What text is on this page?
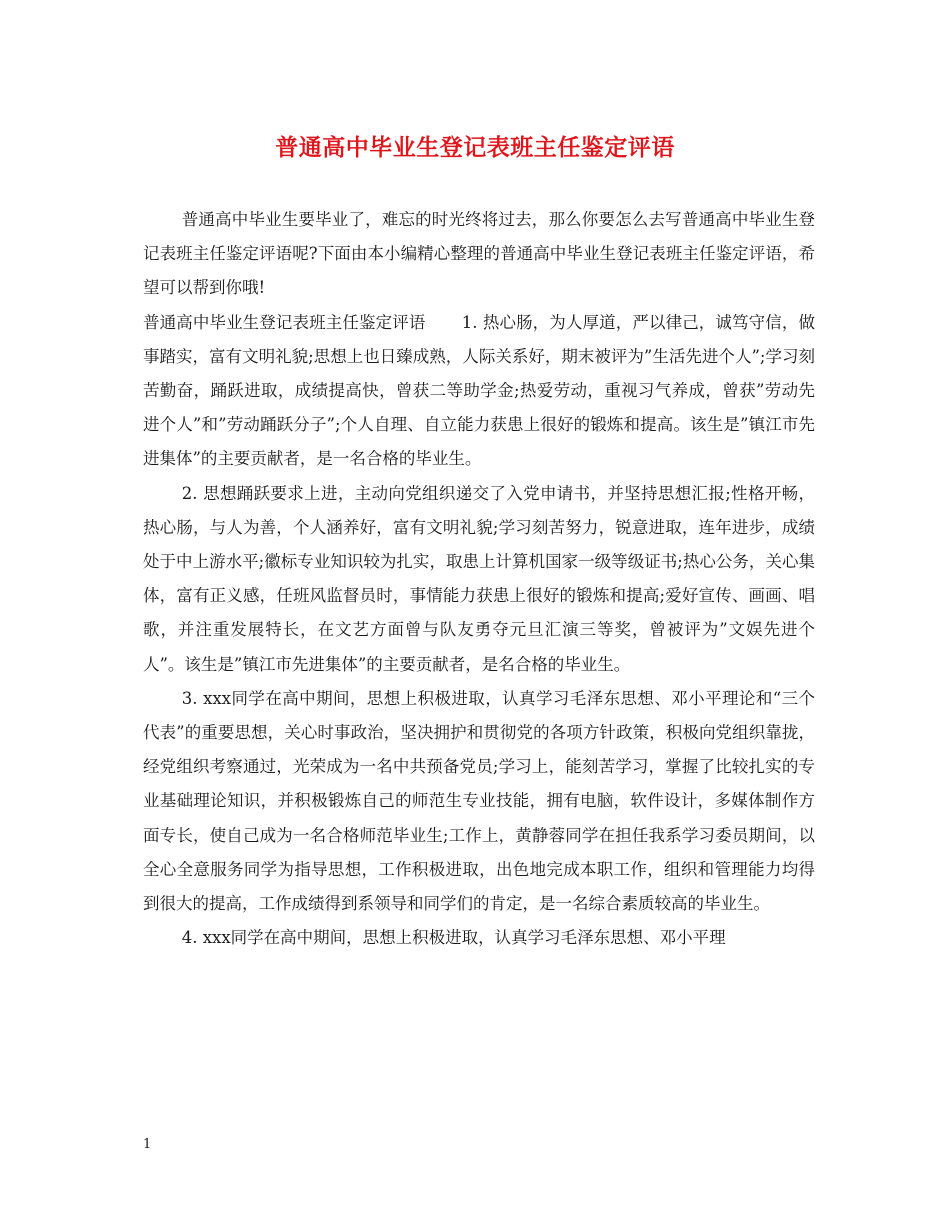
普通高中毕业生登记表班主任鉴定评语

普通高中毕业生要毕业了，难忘的时光终将过去，那么你要怎么去写普通高中毕业生登记表班主任鉴定评语呢?下面由本小编精心整理的普通高中毕业生登记表班主任鉴定评语，希望可以帮到你哦!

普通高中毕业生登记表班主任鉴定评语 1. 热心肠，为人厚道，严以律己，诚笃守信，做事踏实，富有文明礼貌;思想上也日臻成熟，人际关系好，期末被评为”生活先进个人”;学习刻苦勤奋，踊跃进取，成绩提高快，曾获二等助学金;热爱劳动，重视习气养成，曾获”劳动先进个人”和”劳动踊跃分子”;个人自理、自立能力获患上很好的锻炼和提高。该生是”镇江市先进集体”的主要贡献者，是一名合格的毕业生。

2. 思想踊跃要求上进，主动向党组织递交了入党申请书，并坚持思想汇报;性格开畅，热心肠，与人为善，个人涵养好，富有文明礼貌;学习刻苦努力，锐意进取，连年进步，成绩处于中上游水平;徽标专业知识较为扎实，取患上计算机国家一级等级证书;热心公务，关心集体，富有正义感，任班风监督员时，事情能力获患上很好的锻炼和提高;爱好宣传、画画、唱歌，并注重发展特长，在文艺方面曾与队友勇夺元旦汇演三等奖，曾被评为”文娱先进个人”。该生是”镇江市先进集体”的主要贡献者，是名合格的毕业生。

3. xxx同学在高中期间，思想上积极进取，认真学习毛泽东思想、邓小平理论和“三个代表”的重要思想，关心时事政治，坚决拥护和贯彻党的各项方针政策，积极向党组织靠拢，经党组织考察通过，光荣成为一名中共预备党员;学习上，能刻苦学习，掌握了比较扎实的专业基础理论知识，并积极锻炼自己的师范生专业技能，拥有电脑，软件设计，多媒体制作方面专长，使自己成为一名合格师范毕业生;工作上，黄静蓉同学在担任我系学习委员期间，以全心全意服务同学为指导思想，工作积极进取，出色地完成本职工作，组织和管理能力均得到很大的提高，工作成绩得到系领导和同学们的肯定，是一名综合素质较高的毕业生。

4. xxx同学在高中期间，思想上积极进取，认真学习毛泽东思想、邓小平理

1
